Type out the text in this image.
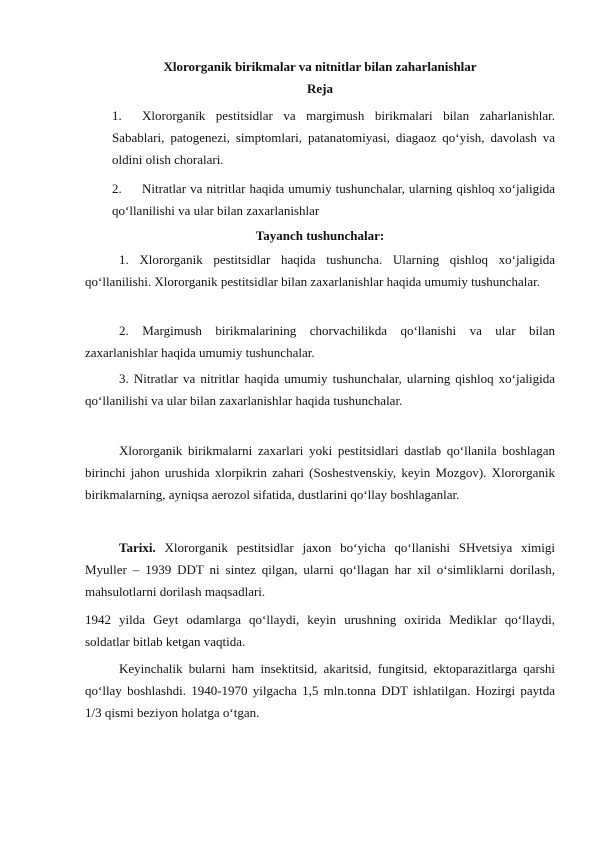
Xlororganik birikmalar va nitnitlar bilan zaharlanishlar
Reja
1. Xlororganik pestitsidlar va margimush birikmalari bilan zaharlanishlar. Sabablari, patogenezi, simptomlari, patanatomiyasi, diagaoz qo‘yish, davolash va oldini olish choralari.
2. Nitratlar va nitritlar haqida umumiy tushunchalar, ularning qishloq xo‘jaligida qo‘llanilishi va ular bilan zaxarlanishlar
Tayanch tushunchalar:
1. Xlororganik pestitsidlar haqida tushuncha. Ularning qishloq xo‘jaligida qo‘llanilishi. Xlororganik pestitsidlar bilan zaxarlanishlar haqida umumiy tushunchalar.
2. Margimush birikmalarining chorvachilikda qo‘llanishi va ular bilan zaxarlanishlar haqida umumiy tushunchalar.
3. Nitratlar va nitritlar haqida umumiy tushunchalar, ularning qishloq xo‘jaligida qo‘llanilishi va ular bilan zaxarlanishlar haqida tushunchalar.
Xlororganik birikmalarni zaxarlari yoki pestitsidlari dastlab qo‘llanila boshlagan birinchi jahon urushida xlorpikrin zahari (Soshestvenskiy, keyin Mozgov). Xlororganik birikmalarning, ayniqsa aerozol sifatida, dustlarini qo‘llay boshlaganlar.
Tarixi. Xlororganik pestitsidlar jaxon bo‘yicha qo‘llanishi SHvetsiya ximigi Myuller – 1939 DDT ni sintez qilgan, ularni qo‘llagan har xil o‘simliklarni dorilash, mahsulotlarni dorilash maqsadlari.
1942 yilda Geyt odamlarga qo‘llaydi, keyin urushning oxirida Mediklar qo‘llaydi, soldatlar bitlab ketgan vaqtida.
Keyinchalik bularni ham insektitsid, akaritsid, fungitsid, ektoparazitlarga qarshi qo‘llay boshlashdi. 1940-1970 yilgacha 1,5 mln.tonna DDT ishlatilgan. Hozirgi paytda 1/3 qismi beziyon holatga o‘tgan.
